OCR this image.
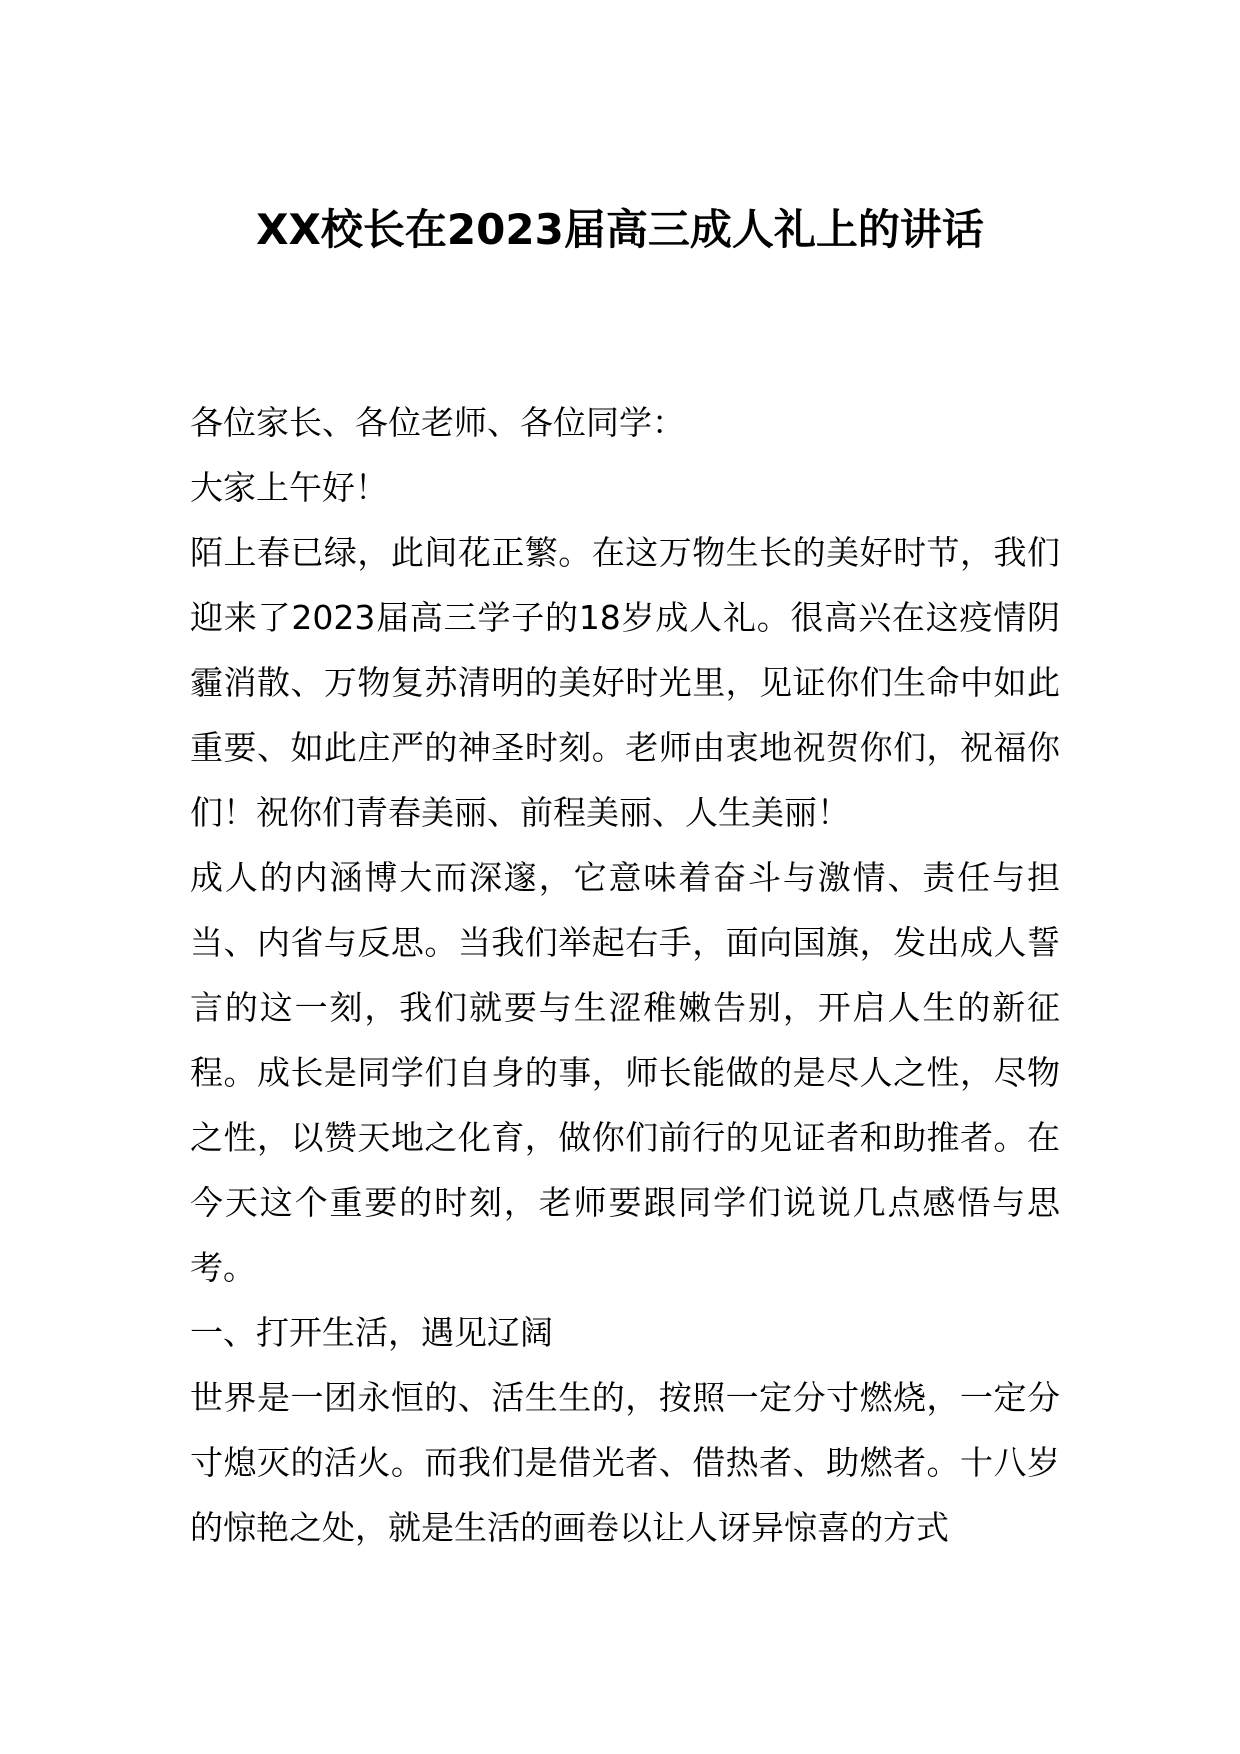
XX校长在2023届高三成人礼上的讲话

各位家长、各位老师、各位同学：

大家上午好！

陌上春已绿，此间花正繁。在这万物生长的美好时节，我们迎来了2023届高三学子的18岁成人礼。很高兴在这疫情阴霾消散、万物复苏清明的美好时光里，见证你们生命中如此重要、如此庄严的神圣时刻。老师由衷地祝贺你们，祝福你们！祝你们青春美丽、前程美丽、人生美丽！

成人的内涵博大而深邃，它意味着奋斗与激情、责任与担当、内省与反思。当我们举起右手，面向国旗，发出成人誓言的这一刻，我们就要与生涩稚嫩告别，开启人生的新征程。成长是同学们自身的事，师长能做的是尽人之性，尽物之性，以赞天地之化育，做你们前行的见证者和助推者。在今天这个重要的时刻，老师要跟同学们说说几点感悟与思考。

一、打开生活，遇见辽阔

世界是一团永恒的、活生生的，按照一定分寸燃烧，一定分寸熄灭的活火。而我们是借光者、借热者、助燃者。十八岁的惊艳之处，就是生活的画卷以让人讶异惊喜的方式
